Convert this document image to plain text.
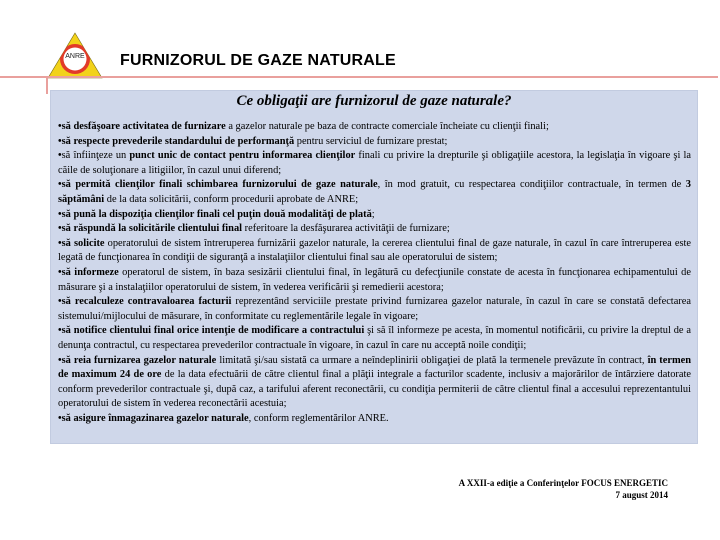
ANRE	FURNIZORUL DE GAZE NATURALE
Ce obligaţii are furnizorul de gaze naturale?

•să desfăşoare activitatea de furnizare a gazelor naturale pe baza de contracte comerciale încheiate cu clienţii finali;

•să respecte prevederile standardului de performanţă pentru serviciul de furnizare prestat;

•să înfiinţeze un punct unic de contact pentru informarea clienţilor finali cu privire la drepturile şi obligaţiile acestora, la legislaţia în vigoare şi la căile de soluţionare a litigiilor, în cazul unui diferend;

•să permită clienţilor finali schimbarea furnizorului de gaze naturale, în mod gratuit, cu respectarea condiţiilor contractuale, în termen de 3 săptămâni de la data solicitării, conform procedurii aprobate de ANRE;

•să pună la dispoziţia clienţilor finali cel puţin două modalităţi de plată;

•să răspundă la solicitările clientului final referitoare la desfăşurarea activităţii de furnizare;

•să solicite operatorului de sistem întreruperea furnizării gazelor naturale, la cererea clientului final de gaze naturale, în cazul în care întreruperea este legată de funcţionarea în condiţii de siguranţă a instalaţiilor clientului final sau ale operatorului de sistem;

•să informeze operatorul de sistem, în baza sesizării clientului final, în legătură cu defecţiunile constate de acesta în funcţionarea echipamentului de măsurare şi a instalaţiilor operatorului de sistem, în vederea verificării şi remedierii acestora;

•să recalculeze contravaloarea facturii reprezentând serviciile prestate privind furnizarea gazelor naturale, în cazul în care se constată defectarea sistemului/mijlocului de măsurare, în conformitate cu reglementările legale în vigoare;

•să notifice clientului final orice intenţie de modificare a contractului şi să îl informeze pe acesta, în momentul notificării, cu privire la dreptul de a denunţa contractul, cu respectarea prevederilor contractuale în vigoare, în cazul în care nu acceptă noile condiţii;

•să reia furnizarea gazelor naturale limitată şi/sau sistată ca urmare a neîndeplinirii obligaţiei de plată la termenele prevăzute în contract, în termen de maximum 24 de ore de la data efectuării de către clientul final a plăţii integrale a facturilor scadente, inclusiv a majorărilor de întârziere datorate conform prevederilor contractuale şi, după caz, a tarifului aferent reconectării, cu condiţia permiterii de către clientul final a accesului reprezentantului operatorului de sistem în vederea reconectării acestuia;

•să asigure înmagazinarea gazelor naturale, conform reglementărilor ANRE.

A XXII-a ediţie a Conferinţelor FOCUS ENERGETIC
7 august 2014
